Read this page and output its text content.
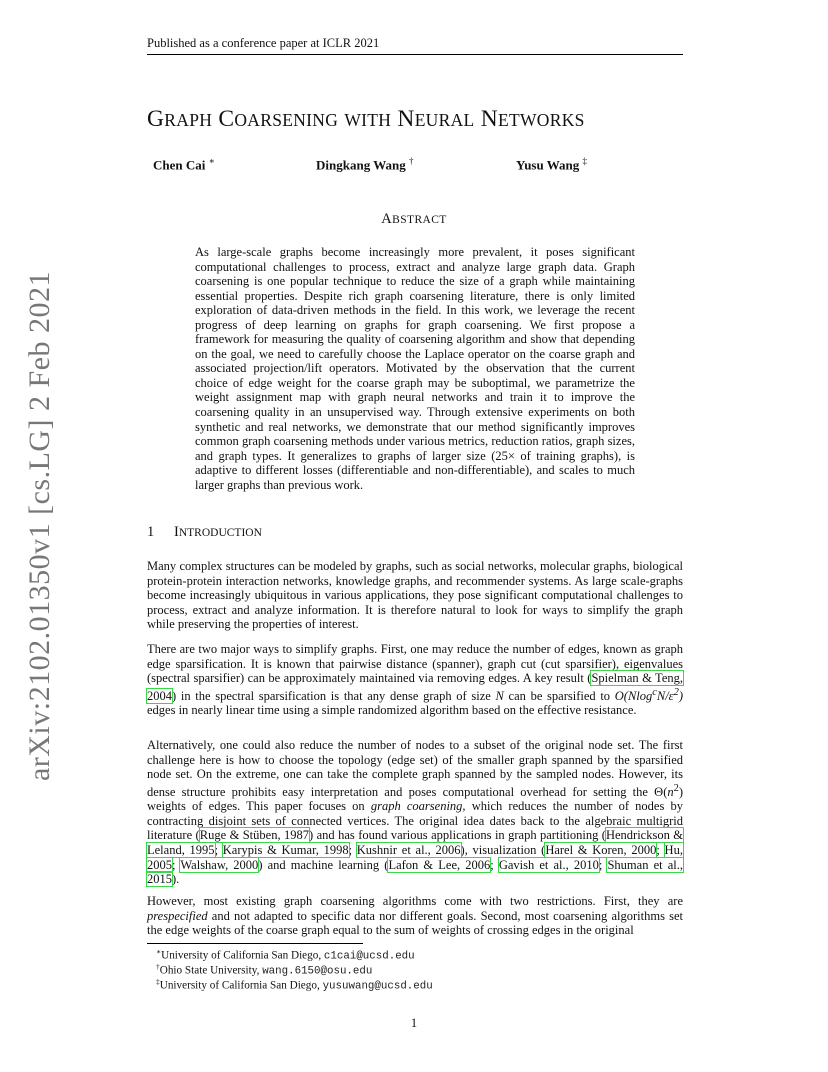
Published as a conference paper at ICLR 2021
GRAPH COARSENING WITH NEURAL NETWORKS
Chen Cai ∗	Dingkang Wang †	Yusu Wang ‡
ABSTRACT
As large-scale graphs become increasingly more prevalent, it poses significant computational challenges to process, extract and analyze large graph data. Graph coarsening is one popular technique to reduce the size of a graph while maintaining essential properties. Despite rich graph coarsening literature, there is only limited exploration of data-driven methods in the field. In this work, we leverage the recent progress of deep learning on graphs for graph coarsening. We first propose a framework for measuring the quality of coarsening algorithm and show that depending on the goal, we need to carefully choose the Laplace operator on the coarse graph and associated projection/lift operators. Motivated by the observation that the current choice of edge weight for the coarse graph may be suboptimal, we parametrize the weight assignment map with graph neural networks and train it to improve the coarsening quality in an unsupervised way. Through extensive experiments on both synthetic and real networks, we demonstrate that our method significantly improves common graph coarsening methods under various metrics, reduction ratios, graph sizes, and graph types. It generalizes to graphs of larger size (25× of training graphs), is adaptive to different losses (differentiable and non-differentiable), and scales to much larger graphs than previous work.
1 INTRODUCTION
Many complex structures can be modeled by graphs, such as social networks, molecular graphs, biological protein-protein interaction networks, knowledge graphs, and recommender systems. As large scale-graphs become increasingly ubiquitous in various applications, they pose significant computational challenges to process, extract and analyze information. It is therefore natural to look for ways to simplify the graph while preserving the properties of interest.
There are two major ways to simplify graphs. First, one may reduce the number of edges, known as graph edge sparsification. It is known that pairwise distance (spanner), graph cut (cut sparsifier), eigenvalues (spectral sparsifier) can be approximately maintained via removing edges. A key result (Spielman & Teng, 2004) in the spectral sparsification is that any dense graph of size N can be sparsified to $O(Nlog^cN/\varepsilon^2)$ edges in nearly linear time using a simple randomized algorithm based on the effective resistance.
Alternatively, one could also reduce the number of nodes to a subset of the original node set. The first challenge here is how to choose the topology (edge set) of the smaller graph spanned by the sparsified node set. On the extreme, one can take the complete graph spanned by the sampled nodes. However, its dense structure prohibits easy interpretation and poses computational overhead for setting the $\Theta(n^2)$ weights of edges. This paper focuses on graph coarsening, which reduces the number of nodes by contracting disjoint sets of connected vertices. The original idea dates back to the algebraic multigrid literature (Ruge & Stüben, 1987) and has found various applications in graph partitioning (Hendrickson & Leland, 1995; Karypis & Kumar, 1998; Kushnir et al., 2006), visualization (Harel & Koren, 2000; Hu, 2005; Walshaw, 2000) and machine learning (Lafon & Lee, 2006; Gavish et al., 2010; Shuman et al., 2015).
However, most existing graph coarsening algorithms come with two restrictions. First, they are prespecified and not adapted to specific data nor different goals. Second, most coarsening algorithms set the edge weights of the coarse graph equal to the sum of weights of crossing edges in the original
∗University of California San Diego, c1cai@ucsd.edu
†Ohio State University, wang.6150@osu.edu
‡University of California San Diego, yusuwang@ucsd.edu
1
arXiv:2102.01350v1 [cs.LG] 2 Feb 2021
